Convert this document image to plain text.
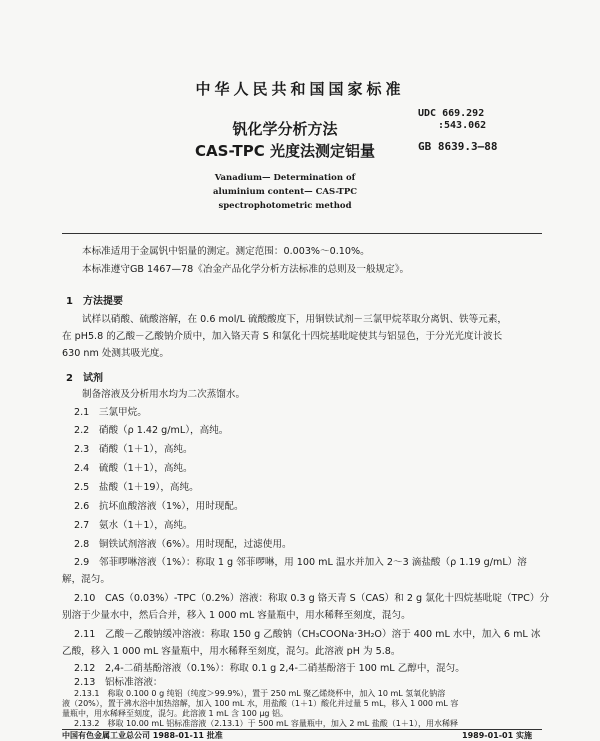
中华人民共和国国家标准
UDC 669.292
:543.062
GB 8639.3—88
钒化学分析方法
CAS-TPC 光度法测定铝量
Vanadium— Determination of
aluminium content— CAS-TPC
spectrophotometric method
本标准适用于金属钒中铝量的测定。测定范围：0.003%～0.10%。
本标准遵守GB 1467—78《冶金产品化学分析方法标准的总则及一般规定》。
1　方法提要
试样以硝酸、硫酸溶解，在 0.6 mol/L 硫酸酸度下，用铜铁试剂－三氯甲烷萃取分离钒、铁等元素，
在 pH5.8 的乙酸－乙酸钠介质中，加入铬天青 S 和氯化十四烷基吡啶使其与铝显色，于分光光度计波长
630 nm 处测其吸光度。
2　试剂
制备溶液及分析用水均为二次蒸馏水。
2.1　三氯甲烷。
2.2　硝酸（ρ 1.42 g/mL），高纯。
2.3　硝酸（1＋1），高纯。
2.4　硫酸（1＋1），高纯。
2.5　盐酸（1＋19），高纯。
2.6　抗坏血酸溶液（1%），用时现配。
2.7　氨水（1＋1），高纯。
2.8　铜铁试剂溶液（6%）。用时现配，过滤使用。
2.9　邻菲啰啉溶液（1%）：称取 1 g 邻菲啰啉，用 100 mL 温水并加入 2～3 滴盐酸（ρ 1.19 g/mL）溶
解，混匀。
2.10　CAS（0.03%）-TPC（0.2%）溶液：称取 0.3 g 铬天青 S（CAS）和 2 g 氯化十四烷基吡啶（TPC）分
别溶于少量水中，然后合并，移入 1 000 mL 容量瓶中，用水稀释至刻度，混匀。
2.11　乙酸－乙酸钠缓冲溶液：称取 150 g 乙酸钠（CH₃COONa·3H₂O）溶于 400 mL 水中，加入 6 mL 冰
乙酸，移入 1 000 mL 容量瓶中，用水稀释至刻度，混匀。此溶液 pH 为 5.8。
2.12　2,4-二硝基酚溶液（0.1%）：称取 0.1 g 2,4-二硝基酚溶于 100 mL 乙醇中，混匀。
2.13　铝标准溶液：
2.13.1　称取 0.100 0 g 纯铝（纯度＞99.9%），置于 250 mL 聚乙烯烧杯中，加入 10 mL 氢氧化钠溶
液（20%），置于沸水浴中加热溶解，加入 100 mL 水，用盐酸（1＋1）酸化并过量 5 mL，移入 1 000 mL 容
量瓶中，用水稀释至刻度，混匀。此溶液 1 mL 含 100 μg 铝。
2.13.2　移取 10.00 mL 铝标准溶液（2.13.1）于 500 mL 容量瓶中，加入 2 mL 盐酸（1＋1），用水稀释
中国有色金属工业总公司 1988-01-11 批准	1989-01-01 实施
